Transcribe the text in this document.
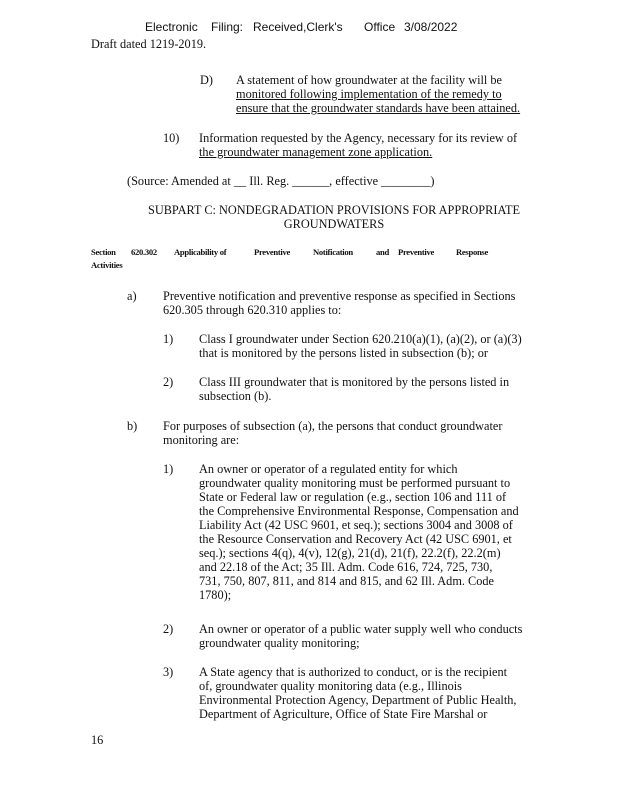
Electronic Filing: Received,Clerk's Office 3/08/2022
Draft dated 1219-2019.
D) A statement of how groundwater at the facility will be
monitored following implementation of the remedy to
ensure that the groundwater standards have been attained.
10) Information requested by the Agency, necessary for its review of
the groundwater management zone application.
(Source: Amended at __ Ill. Reg. ______, effective ________)
SUBPART C: NONDEGRADATION PROVISIONS FOR APPROPRIATE
GROUNDWATERS
Section 620.302 Applicability of	Preventive	Notification	and Preventive	Response
Activities
a) Preventive notification and preventive response as specified in Sections
620.305 through 620.310 applies to:
1) Class I groundwater under Section 620.210(a)(1), (a)(2), or (a)(3)
that is monitored by the persons listed in subsection (b); or
2) Class III groundwater that is monitored by the persons listed in
subsection (b).
b) For purposes of subsection (a), the persons that conduct groundwater
monitoring are:
1) An owner or operator of a regulated entity for which
groundwater quality monitoring must be performed pursuant to
State or Federal law or regulation (e.g., section 106 and 111 of
the Comprehensive Environmental Response, Compensation and
Liability Act (42 USC 9601, et seq.); sections 3004 and 3008 of
the Resource Conservation and Recovery Act (42 USC 6901, et
seq.); sections 4(q), 4(v), 12(g), 21(d), 21(f), 22.2(f), 22.2(m)
and 22.18 of the Act; 35 Ill. Adm. Code 616, 724, 725, 730,
731, 750, 807, 811, and 814 and 815, and 62 Ill. Adm. Code
1780);
2) An owner or operator of a public water supply well who conducts
groundwater quality monitoring;
3) A State agency that is authorized to conduct, or is the recipient
of, groundwater quality monitoring data (e.g., Illinois
Environmental Protection Agency, Department of Public Health,
Department of Agriculture, Office of State Fire Marshal or
16
